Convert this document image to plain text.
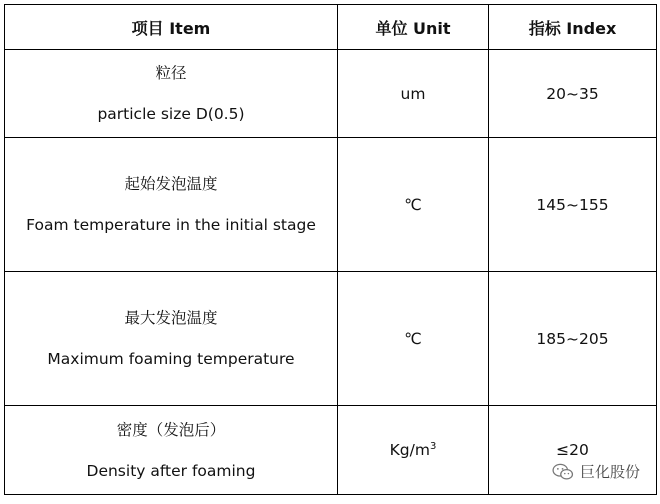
项目 Item	单位 Unit	指标 Index

粒径
particle size D(0.5)	um	20~35

起始发泡温度
Foam temperature in the initial stage	℃	145~155

最大发泡温度
Maximum foaming temperature	℃	185~205

密度（发泡后）
Density after foaming	$Kg/m^3$	≤20
巨化股份
